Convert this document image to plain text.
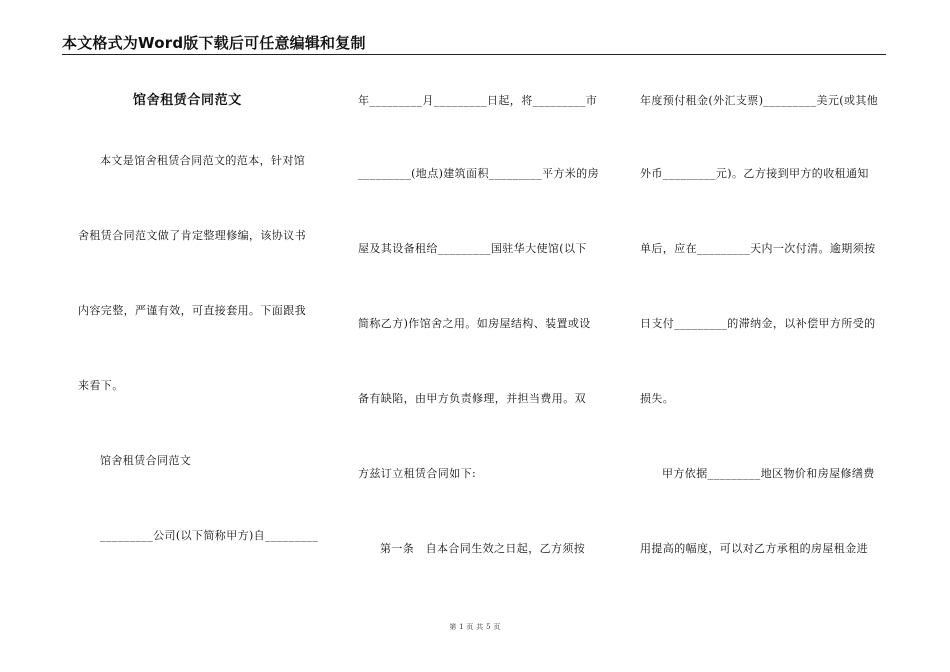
本文格式为Word版下载后可任意编辑和复制
馆舍租赁合同范文
本文是馆舍租赁合同范文的范本，针对馆
舍租赁合同范文做了肯定整理修编，该协议书
内容完整，严谨有效，可直接套用。下面跟我
来看下。
馆舍租赁合同范文
_________公司(以下简称甲方)自_________
年_________月_________日起，将_________市
_________(地点)建筑面积_________平方米的房
屋及其设备租给_________国驻华大使馆(以下
简称乙方)作馆舍之用。如房屋结构、装置或设
备有缺陷，由甲方负责修理，并担当费用。双
方兹订立租赁合同如下:
第一条　自本合同生效之日起，乙方须按
年度预付租金(外汇支票)_________美元(或其他
外币_________元)。乙方接到甲方的收租通知
单后，应在_________天内一次付清。逾期须按
日支付_________的滞纳金，以补偿甲方所受的
损失。
甲方依据_________地区物价和房屋修缮费
用提高的幅度，可以对乙方承租的房屋租金进
第 1 页 共 5 页
